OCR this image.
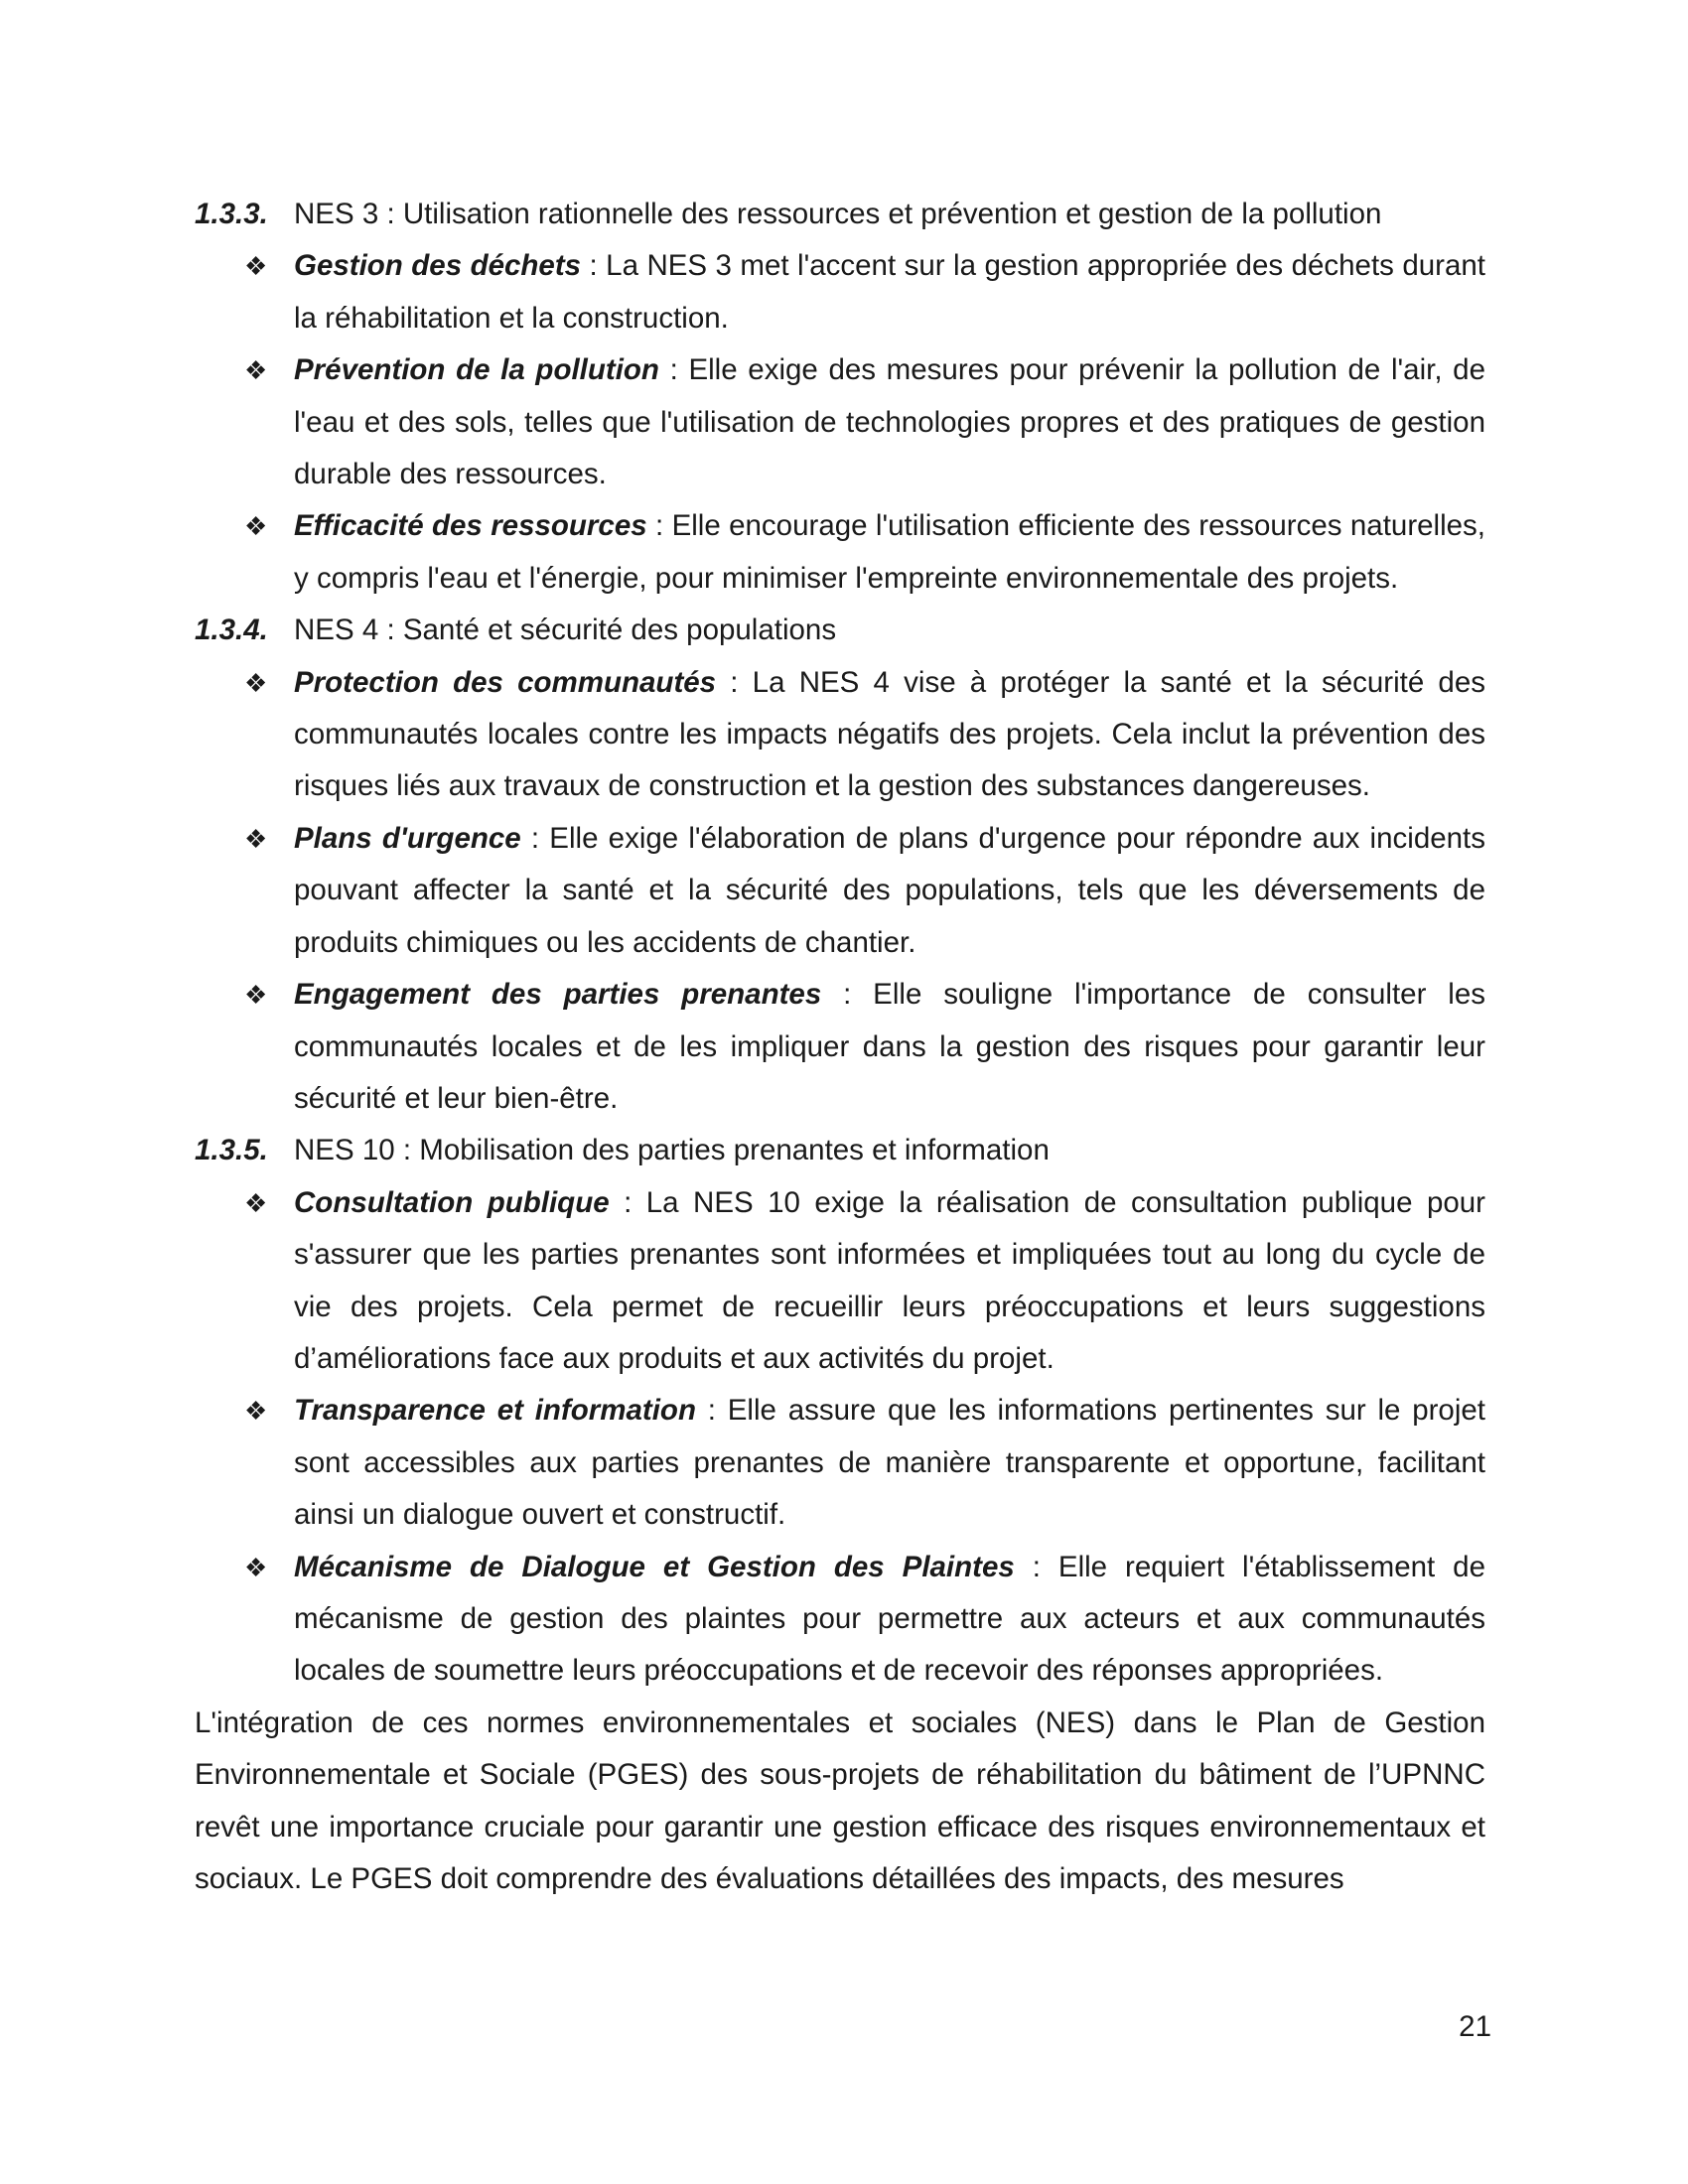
1.3.3. NES 3 : Utilisation rationnelle des ressources et prévention et gestion de la pollution
❖ Gestion des déchets : La NES 3 met l'accent sur la gestion appropriée des déchets durant la réhabilitation et la construction.
❖ Prévention de la pollution : Elle exige des mesures pour prévenir la pollution de l'air, de l'eau et des sols, telles que l'utilisation de technologies propres et des pratiques de gestion durable des ressources.
❖ Efficacité des ressources : Elle encourage l'utilisation efficiente des ressources naturelles, y compris l'eau et l'énergie, pour minimiser l'empreinte environnementale des projets.
1.3.4. NES 4 : Santé et sécurité des populations
❖ Protection des communautés : La NES 4 vise à protéger la santé et la sécurité des communautés locales contre les impacts négatifs des projets. Cela inclut la prévention des risques liés aux travaux de construction et la gestion des substances dangereuses.
❖ Plans d'urgence : Elle exige l'élaboration de plans d'urgence pour répondre aux incidents pouvant affecter la santé et la sécurité des populations, tels que les déversements de produits chimiques ou les accidents de chantier.
❖ Engagement des parties prenantes : Elle souligne l'importance de consulter les communautés locales et de les impliquer dans la gestion des risques pour garantir leur sécurité et leur bien-être.
1.3.5. NES 10 : Mobilisation des parties prenantes et information
❖ Consultation publique : La NES 10 exige la réalisation de consultation publique pour s'assurer que les parties prenantes sont informées et impliquées tout au long du cycle de vie des projets. Cela permet de recueillir leurs préoccupations et leurs suggestions d’améliorations face aux produits et aux activités du projet.
❖ Transparence et information : Elle assure que les informations pertinentes sur le projet sont accessibles aux parties prenantes de manière transparente et opportune, facilitant ainsi un dialogue ouvert et constructif.
❖ Mécanisme de Dialogue et Gestion des Plaintes : Elle requiert l'établissement de mécanisme de gestion des plaintes pour permettre aux acteurs et aux communautés locales de soumettre leurs préoccupations et de recevoir des réponses appropriées.

L'intégration de ces normes environnementales et sociales (NES) dans le Plan de Gestion Environnementale et Sociale (PGES) des sous-projets de réhabilitation du bâtiment de l’UPNNC revêt une importance cruciale pour garantir une gestion efficace des risques environnementaux et sociaux. Le PGES doit comprendre des évaluations détaillées des impacts, des mesures

21
